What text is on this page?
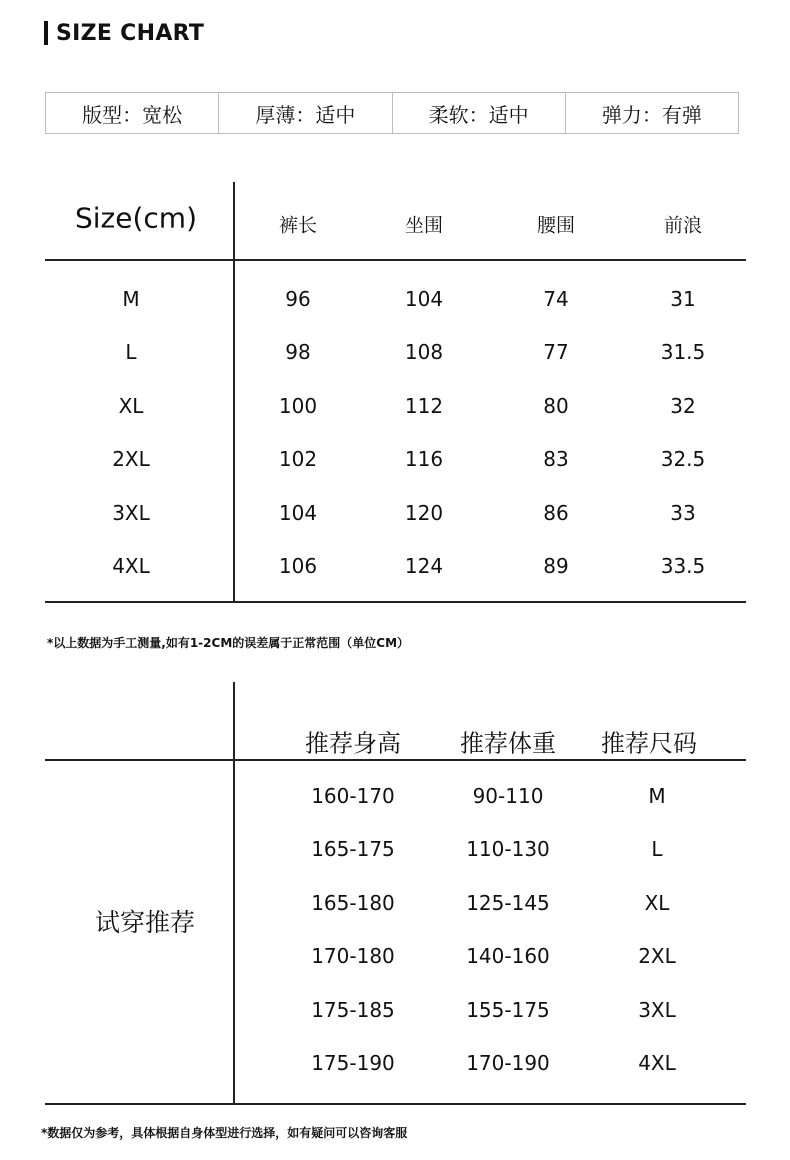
SIZE CHART
版型：宽松	厚薄：适中	柔软：适中	弹力：有弹
Size(cm)	裤长	坐围	腰围	前浪
M	96	104	74	31
L	98	108	77	31.5
XL	100	112	80	32
2XL	102	116	83	32.5
3XL	104	120	86	33
4XL	106	124	89	33.5
*以上数据为手工测量,如有1-2CM的误差属于正常范围（单位CM）
推荐身高 推荐体重 推荐尺码
试穿推荐
160-170	90-110	M
165-175	110-130	L
165-180	125-145	XL
170-180	140-160	2XL
175-185	155-175	3XL
175-190	170-190	4XL
*数据仅为参考，具体根据自身体型进行选择，如有疑问可以咨询客服
